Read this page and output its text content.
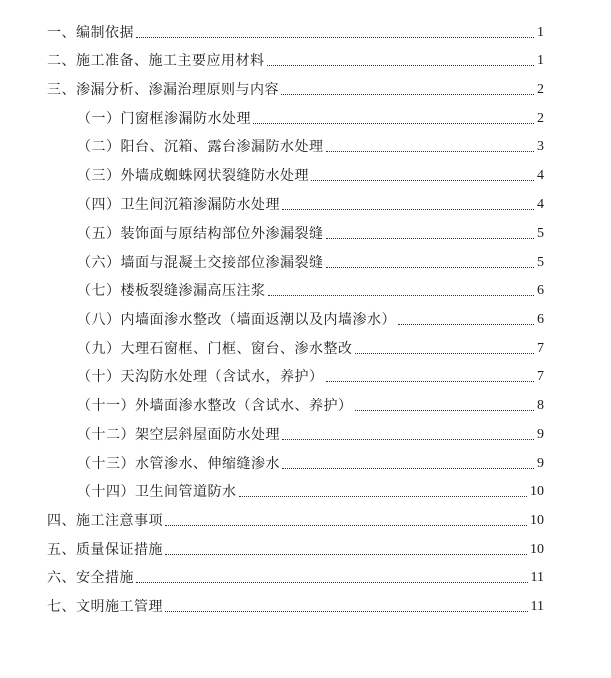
一、编制依据	1
二、施工准备、施工主要应用材料	1
三、渗漏分析、渗漏治理原则与内容	2
（一）门窗框渗漏防水处理	2
（二）阳台、沉箱、露台渗漏防水处理	3
（三）外墙成蜘蛛网状裂缝防水处理	4
（四）卫生间沉箱渗漏防水处理	4
（五）装饰面与原结构部位外渗漏裂缝	5
（六）墙面与混凝土交接部位渗漏裂缝	5
（七）楼板裂缝渗漏高压注浆	6
（八）内墙面渗水整改（墙面返潮以及内墙渗水）	6
（九）大理石窗框、门框、窗台、渗水整改	7
（十）天沟防水处理（含试水，养护）	7
（十一）外墙面渗水整改（含试水、养护）	8
（十二）架空层斜屋面防水处理	9
（十三）水管渗水、伸缩缝渗水	9
（十四）卫生间管道防水	10
四、施工注意事项	10
五、质量保证措施	10
六、安全措施	11
七、文明施工管理	11
